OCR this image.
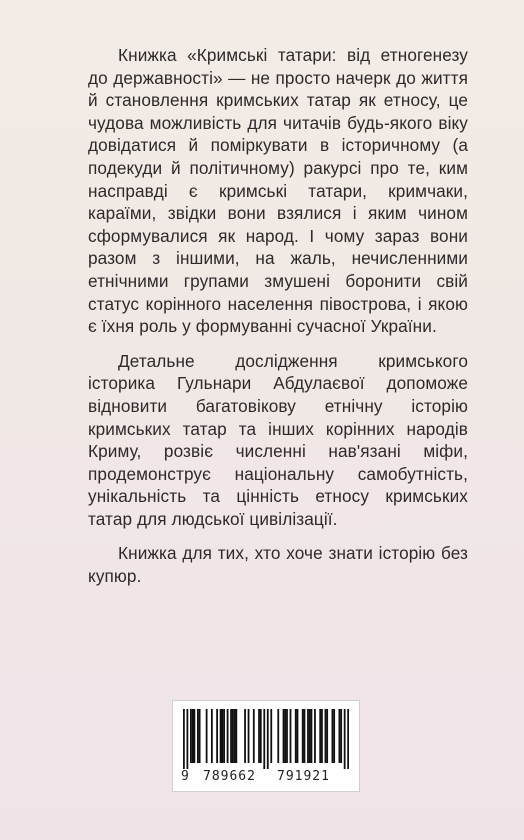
Книжка «Кримські татари: від етногенезу до державності» — не просто начерк до життя й становлення кримських татар як етносу, це чудова можливість для читачів будь-якого віку довідатися й поміркувати в історичному (а подекуди й політичному) ракурсі про те, ким насправді є кримські татари, кримчаки, караїми, звідки вони взялися і яким чином сформувалися як народ. І чому зараз вони разом з іншими, на жаль, нечисленними етнічними групами змушені боронити свій статус корінного населення півострова, і якою є їхня роль у формуванні сучасної України.

Детальне дослідження кримського історика Гульнари Абдулаєвої допоможе відновити багатовікову етнічну історію кримських татар та інших корінних народів Криму, розвіє численні нав'язані міфи, продемонструє національну самобутність, унікальність та цінність етносу кримських татар для людської цивілізації.

Книжка для тих, хто хоче знати історію без купюр.

9 789662 791921
